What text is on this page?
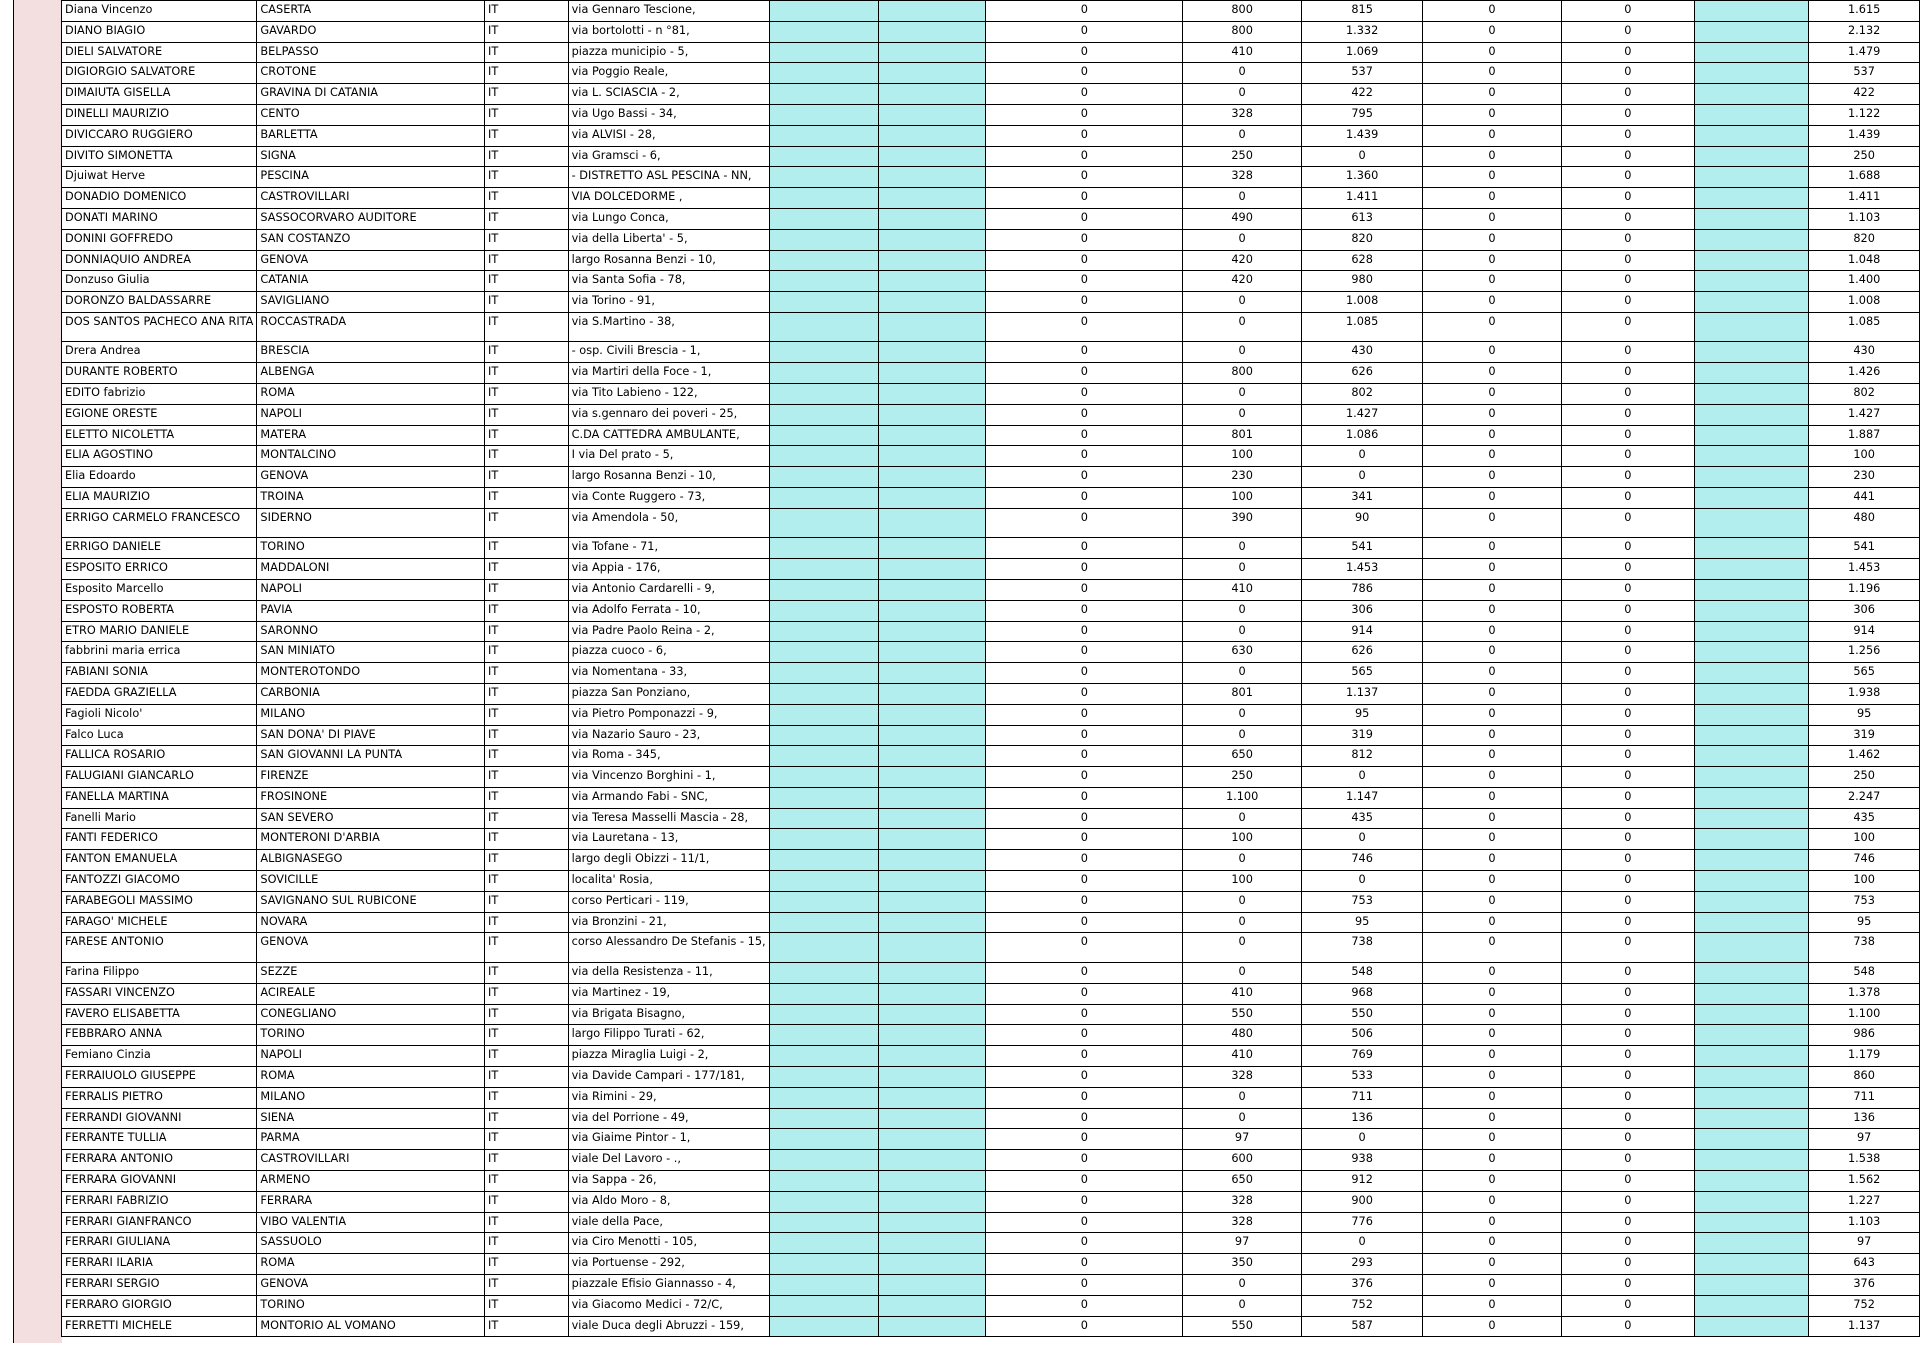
Diana Vincenzo	CASERTA	IT	via Gennaro Tescione,			0	800	815	0	0		1.615
DIANO BIAGIO	GAVARDO	IT	via bortolotti - n °81,			0	800	1.332	0	0		2.132
DIELI SALVATORE	BELPASSO	IT	piazza municipio - 5,			0	410	1.069	0	0		1.479
DIGIORGIO SALVATORE	CROTONE	IT	via Poggio Reale,			0	0	537	0	0		537
DIMAIUTA GISELLA	GRAVINA DI CATANIA	IT	via L. SCIASCIA - 2,			0	0	422	0	0		422
DINELLI MAURIZIO	CENTO	IT	via Ugo Bassi - 34,			0	328	795	0	0		1.122
DIVICCARO RUGGIERO	BARLETTA	IT	via ALVISI - 28,			0	0	1.439	0	0		1.439
DIVITO SIMONETTA	SIGNA	IT	via Gramsci - 6,			0	250	0	0	0		250
Djuiwat Herve	PESCINA	IT	- DISTRETTO ASL PESCINA - NN,			0	328	1.360	0	0		1.688
DONADIO DOMENICO	CASTROVILLARI	IT	VIA DOLCEDORME ,			0	0	1.411	0	0		1.411
DONATI MARINO	SASSOCORVARO AUDITORE	IT	via Lungo Conca,			0	490	613	0	0		1.103
DONINI GOFFREDO	SAN COSTANZO	IT	via della Liberta' - 5,			0	0	820	0	0		820
DONNIAQUIO ANDREA	GENOVA	IT	largo Rosanna Benzi - 10,			0	420	628	0	0		1.048
Donzuso Giulia	CATANIA	IT	via Santa Sofia - 78,			0	420	980	0	0		1.400
DORONZO BALDASSARRE	SAVIGLIANO	IT	via Torino - 91,			0	0	1.008	0	0		1.008
DOS SANTOS PACHECO ANA RITA	ROCCASTRADA	IT	via S.Martino - 38,			0	0	1.085	0	0		1.085
Drera Andrea	BRESCIA	IT	- osp. Civili Brescia - 1,			0	0	430	0	0		430
DURANTE ROBERTO	ALBENGA	IT	via Martiri della Foce - 1,			0	800	626	0	0		1.426
EDITO fabrizio	ROMA	IT	via Tito Labieno - 122,			0	0	802	0	0		802
EGIONE ORESTE	NAPOLI	IT	via s.gennaro dei poveri - 25,			0	0	1.427	0	0		1.427
ELETTO NICOLETTA	MATERA	IT	C.DA CATTEDRA AMBULANTE,			0	801	1.086	0	0		1.887
ELIA AGOSTINO	MONTALCINO	IT	I via Del prato - 5,			0	100	0	0	0		100
Elia Edoardo	GENOVA	IT	largo Rosanna Benzi - 10,			0	230	0	0	0		230
ELIA MAURIZIO	TROINA	IT	via Conte Ruggero - 73,			0	100	341	0	0		441
ERRIGO CARMELO FRANCESCO	SIDERNO	IT	via Amendola - 50,			0	390	90	0	0		480
ERRIGO DANIELE	TORINO	IT	via Tofane - 71,			0	0	541	0	0		541
ESPOSITO ERRICO	MADDALONI	IT	via Appia - 176,			0	0	1.453	0	0		1.453
Esposito Marcello	NAPOLI	IT	via Antonio Cardarelli - 9,			0	410	786	0	0		1.196
ESPOSTO ROBERTA	PAVIA	IT	via Adolfo Ferrata - 10,			0	0	306	0	0		306
ETRO MARIO DANIELE	SARONNO	IT	via Padre Paolo Reina - 2,			0	0	914	0	0		914
fabbrini maria errica	SAN MINIATO	IT	piazza cuoco - 6,			0	630	626	0	0		1.256
FABIANI SONIA	MONTEROTONDO	IT	via Nomentana - 33,			0	0	565	0	0		565
FAEDDA GRAZIELLA	CARBONIA	IT	piazza San Ponziano,			0	801	1.137	0	0		1.938
Fagioli Nicolo'	MILANO	IT	via Pietro Pomponazzi - 9,			0	0	95	0	0		95
Falco Luca	SAN DONA' DI PIAVE	IT	via Nazario Sauro - 23,			0	0	319	0	0		319
FALLICA ROSARIO	SAN GIOVANNI LA PUNTA	IT	via Roma - 345,			0	650	812	0	0		1.462
FALUGIANI GIANCARLO	FIRENZE	IT	via Vincenzo Borghini - 1,			0	250	0	0	0		250
FANELLA MARTINA	FROSINONE	IT	via Armando Fabi - SNC,			0	1.100	1.147	0	0		2.247
Fanelli Mario	SAN SEVERO	IT	via Teresa Masselli Mascia - 28,			0	0	435	0	0		435
FANTI FEDERICO	MONTERONI D'ARBIA	IT	via Lauretana - 13,			0	100	0	0	0		100
FANTON EMANUELA	ALBIGNASEGO	IT	largo degli Obizzi - 11/1,			0	0	746	0	0		746
FANTOZZI GIACOMO	SOVICILLE	IT	localita' Rosia,			0	100	0	0	0		100
FARABEGOLI MASSIMO	SAVIGNANO SUL RUBICONE	IT	corso Perticari - 119,			0	0	753	0	0		753
FARAGO' MICHELE	NOVARA	IT	via Bronzini - 21,			0	0	95	0	0		95
FARESE ANTONIO	GENOVA	IT	corso Alessandro De Stefanis - 15,			0	0	738	0	0		738
Farina Filippo	SEZZE	IT	via della Resistenza - 11,			0	0	548	0	0		548
FASSARI VINCENZO	ACIREALE	IT	via Martinez - 19,			0	410	968	0	0		1.378
FAVERO ELISABETTA	CONEGLIANO	IT	via Brigata Bisagno,			0	550	550	0	0		1.100
FEBBRARO ANNA	TORINO	IT	largo Filippo Turati - 62,			0	480	506	0	0		986
Femiano Cinzia	NAPOLI	IT	piazza Miraglia Luigi - 2,			0	410	769	0	0		1.179
FERRAIUOLO GIUSEPPE	ROMA	IT	via Davide Campari - 177/181,			0	328	533	0	0		860
FERRALIS PIETRO	MILANO	IT	via Rimini - 29,			0	0	711	0	0		711
FERRANDI GIOVANNI	SIENA	IT	via del Porrione - 49,			0	0	136	0	0		136
FERRANTE TULLIA	PARMA	IT	via Giaime Pintor - 1,			0	97	0	0	0		97
FERRARA ANTONIO	CASTROVILLARI	IT	viale Del Lavoro - .,			0	600	938	0	0		1.538
FERRARA GIOVANNI	ARMENO	IT	via Sappa - 26,			0	650	912	0	0		1.562
FERRARI FABRIZIO	FERRARA	IT	via Aldo Moro - 8,			0	328	900	0	0		1.227
FERRARI GIANFRANCO	VIBO VALENTIA	IT	viale della Pace,			0	328	776	0	0		1.103
FERRARI GIULIANA	SASSUOLO	IT	via Ciro Menotti - 105,			0	97	0	0	0		97
FERRARI ILARIA	ROMA	IT	via Portuense - 292,			0	350	293	0	0		643
FERRARI SERGIO	GENOVA	IT	piazzale Efisio Giannasso - 4,			0	0	376	0	0		376
FERRARO GIORGIO	TORINO	IT	via Giacomo Medici - 72/C,			0	0	752	0	0		752
FERRETTI MICHELE	MONTORIO AL VOMANO	IT	viale Duca degli Abruzzi - 159,			0	550	587	0	0		1.137
